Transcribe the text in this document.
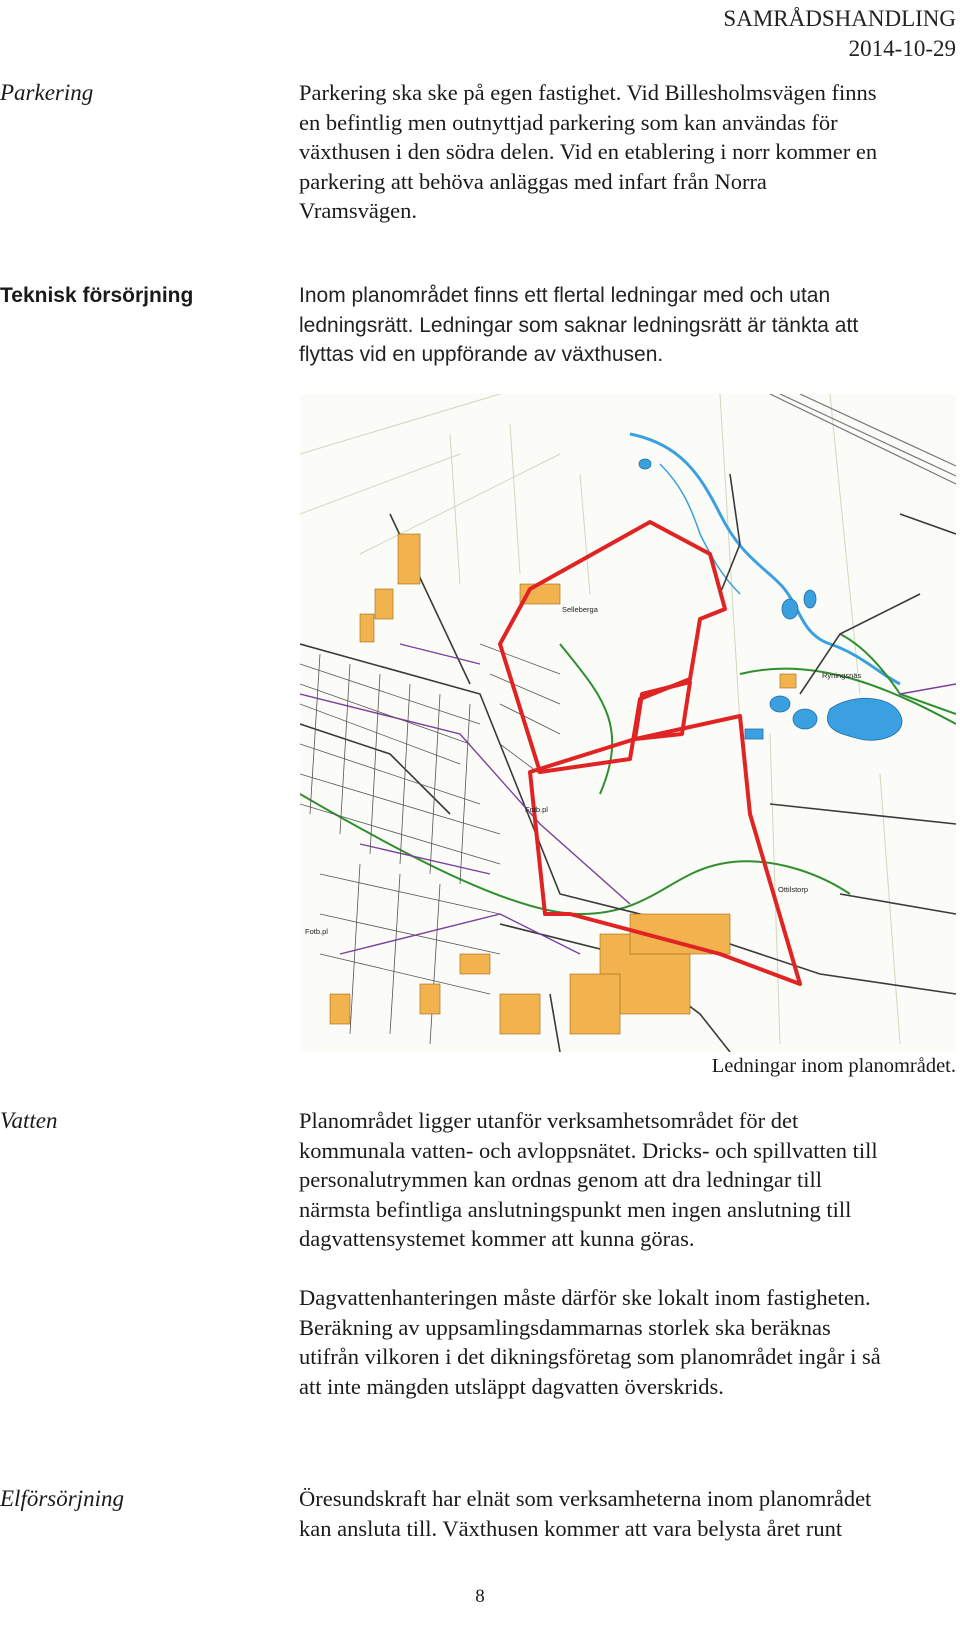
SAMRÅDSHANDLING
2014-10-29
Parkering	Parkering ska ske på egen fastighet. Vid Billesholmsvägen finns
en befintlig men outnyttjad parkering som kan användas för
växthusen i den södra delen. Vid en etablering i norr kommer en
parkering att behöva anläggas med infart från Norra
Vramsvägen.
Teknisk försörjning	Inom planområdet finns ett flertal ledningar med och utan
ledningsrätt. Ledningar som saknar ledningsrätt är tänkta att
flyttas vid en uppförande av växthusen.
Selleberga
Ryningsnäs
Ottilstorp
Fotb.pl
Fotb.pl
Ledningar inom planområdet.
Vatten	Planområdet ligger utanför verksamhetsområdet för det
kommunala vatten- och avloppsnätet. Dricks- och spillvatten till
personalutrymmen kan ordnas genom att dra ledningar till
närmsta befintliga anslutningspunkt men ingen anslutning till
dagvattensystemet kommer att kunna göras.
Dagvattenhanteringen måste därför ske lokalt inom fastigheten.
Beräkning av uppsamlingsdammarnas storlek ska beräknas
utifrån vilkoren i det dikningsföretag som planområdet ingår i så
att inte mängden utsläppt dagvatten överskrids.
Elförsörjning	Öresundskraft har elnät som verksamheterna inom planområdet
kan ansluta till. Växthusen kommer att vara belysta året runt
8
